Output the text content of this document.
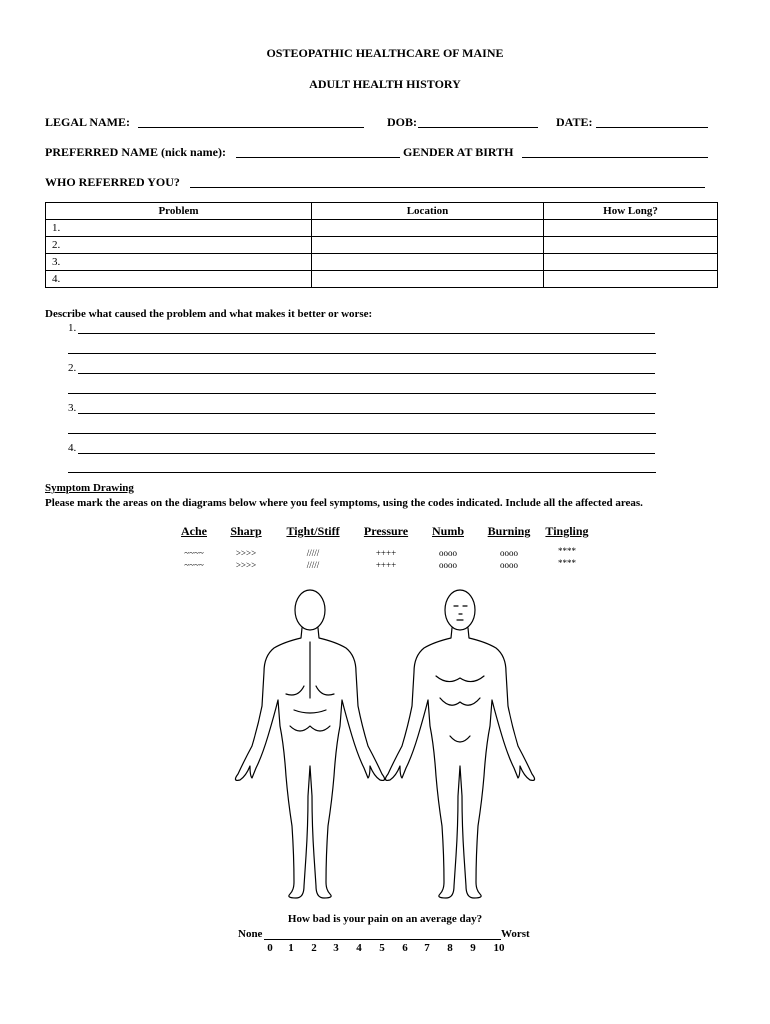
OSTEOPATHIC HEALTHCARE OF MAINE
ADULT HEALTH HISTORY
LEGAL NAME:	DOB:	DATE:
PREFERRED NAME (nick name):	GENDER AT BIRTH
WHO REFERRED YOU?
Problem	Location	How Long?
1.		
2.		
3.		
4.		
Describe what caused the problem and what makes it better or worse:
1.
2.
3.
4.
Symptom Drawing
Please mark the areas on the diagrams below where you feel symptoms, using the codes indicated. Include all the affected areas.
Ache
~~~~
~~~~
Sharp
>>>>
>>>>
Tight/Stiff
/////
/////
Pressure
++++
++++
Numb
oooo
oooo
Burning
oooo
oooo
Tingling
****
****
How bad is your pain on an average day?
None	Worst
0 1 2 3 4 5 6 7 8 9 10
